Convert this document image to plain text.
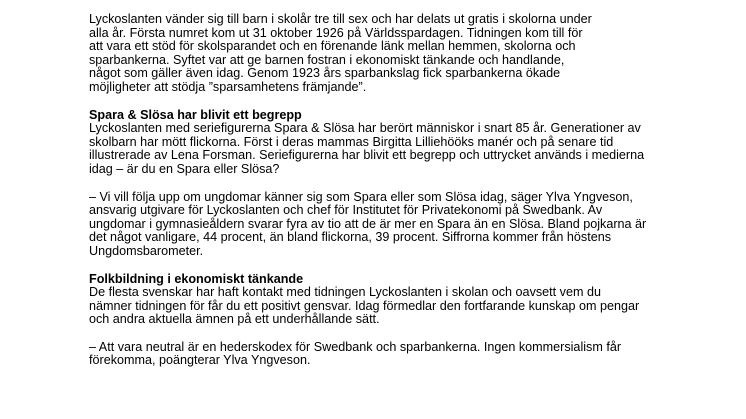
Lyckoslanten vänder sig till barn i skolår tre till sex och har delats ut gratis i skolorna under
alla år. Första numret kom ut 31 oktober 1926 på Världsspardagen. Tidningen kom till för
att vara ett stöd för skolsparandet och en förenande länk mellan hemmen, skolorna och
sparbankerna. Syftet var att ge barnen fostran i ekonomiskt tänkande och handlande,
något som gäller även idag. Genom 1923 års sparbankslag fick sparbankerna ökade
möjligheter att stödja ”sparsamhetens främjande”.
Spara & Slösa har blivit ett begrepp
Lyckoslanten med seriefigurerna Spara & Slösa har berört människor i snart 85 år. Generationer av
skolbarn har mött flickorna. Först i deras mammas Birgitta Lilliehööks manér och på senare tid
illustrerade av Lena Forsman. Seriefigurerna har blivit ett begrepp och uttrycket används i medierna
idag – är du en Spara eller Slösa?
– Vi vill följa upp om ungdomar känner sig som Spara eller som Slösa idag, säger Ylva Yngveson,
ansvarig utgivare för Lyckoslanten och chef för Institutet för Privatekonomi på Swedbank. Av
ungdomar i gymnasieåldern svarar fyra av tio att de är mer en Spara än en Slösa. Bland pojkarna är
det något vanligare, 44 procent, än bland flickorna, 39 procent. Siffrorna kommer från höstens
Ungdomsbarometer.
Folkbildning i ekonomiskt tänkande
De flesta svenskar har haft kontakt med tidningen Lyckoslanten i skolan och oavsett vem du
nämner tidningen för får du ett positivt gensvar. Idag förmedlar den fortfarande kunskap om pengar
och andra aktuella ämnen på ett underhållande sätt.
– Att vara neutral är en hederskodex för Swedbank och sparbankerna. Ingen kommersialism får
förekomma, poängterar Ylva Yngveson.
